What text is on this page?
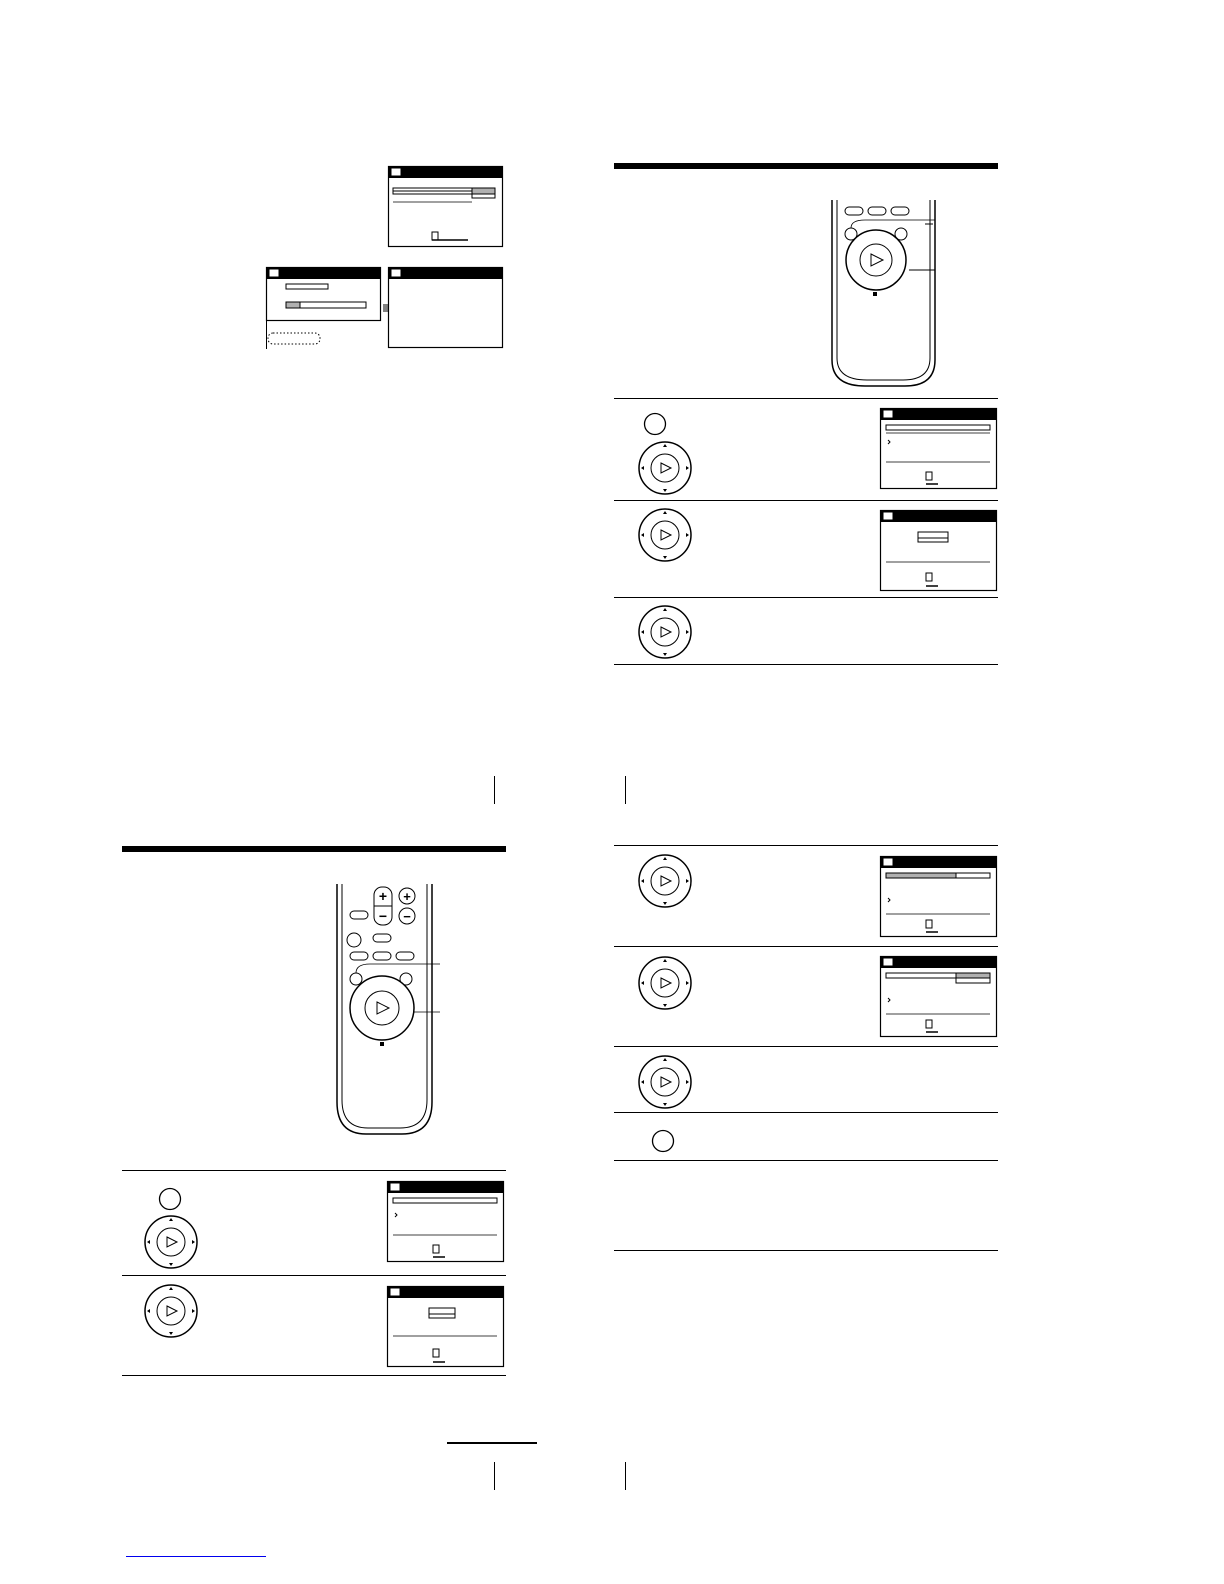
+
−
+
−
